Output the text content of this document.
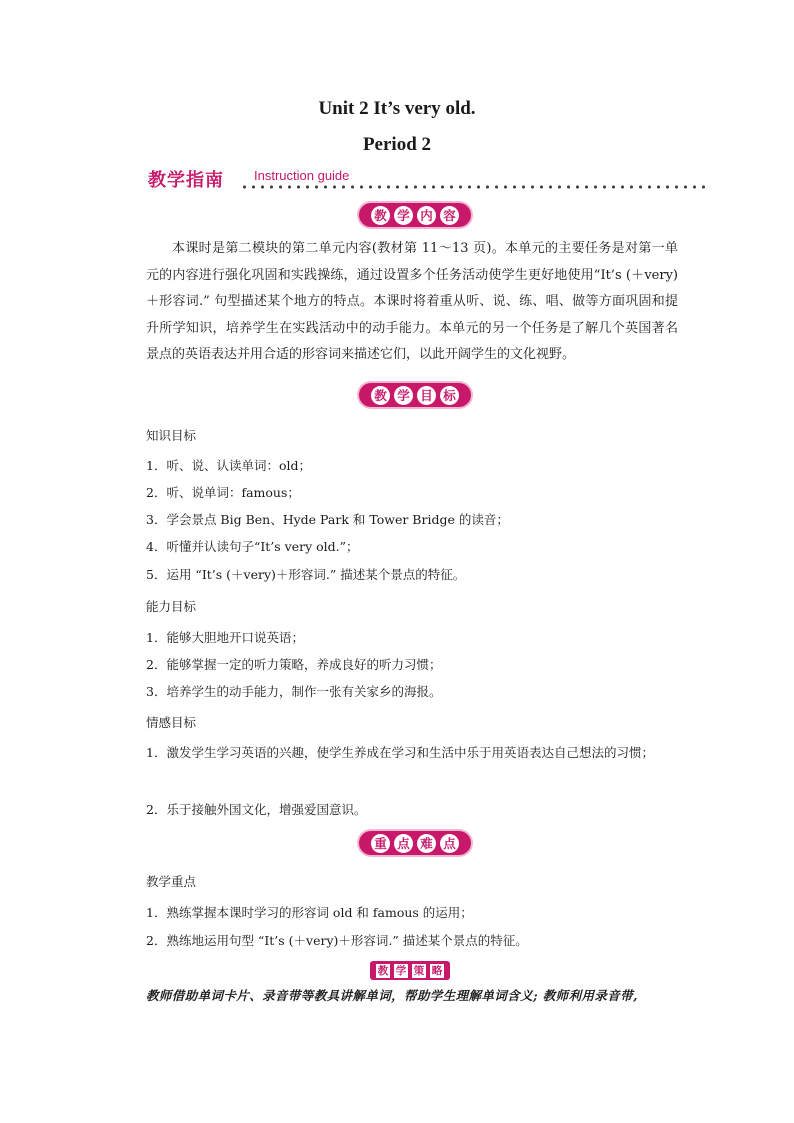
Unit 2 It’s very old.
Period 2
教学指南 Instruction guide
教 学 内 容
本课时是第二模块的第二单元内容(教材第 11～13 页)。本单元的主要任务是对第一单元的内容进行强化巩固和实践操练，通过设置多个任务活动使学生更好地使用“It’s (＋very)＋形容词.” 句型描述某个地方的特点。本课时将着重从听、说、练、唱、做等方面巩固和提升所学知识，培养学生在实践活动中的动手能力。本单元的另一个任务是了解几个英国著名景点的英语表达并用合适的形容词来描述它们，以此开阔学生的文化视野。
教 学 目 标
知识目标
1．听、说、认读单词：old；
2．听、说单词：famous；
3．学会景点 Big Ben、Hyde Park 和 Tower Bridge 的读音；
4．听懂并认读句子“It’s very old.”；
5．运用 “It’s (＋very)＋形容词.” 描述某个景点的特征。
能力目标
1．能够大胆地开口说英语；
2．能够掌握一定的听力策略，养成良好的听力习惯；
3．培养学生的动手能力，制作一张有关家乡的海报。
情感目标
1．激发学生学习英语的兴趣，使学生养成在学习和生活中乐于用英语表达自己想法的习惯；
2．乐于接触外国文化，增强爱国意识。
重 点 难 点
教学重点
1．熟练掌握本课时学习的形容词 old 和 famous 的运用；
2．熟练地运用句型 “It’s (＋very)＋形容词.” 描述某个景点的特征。
教 学 策 略
教师借助单词卡片、录音带等教具讲解单词，帮助学生理解单词含义; 教师利用录音带,
